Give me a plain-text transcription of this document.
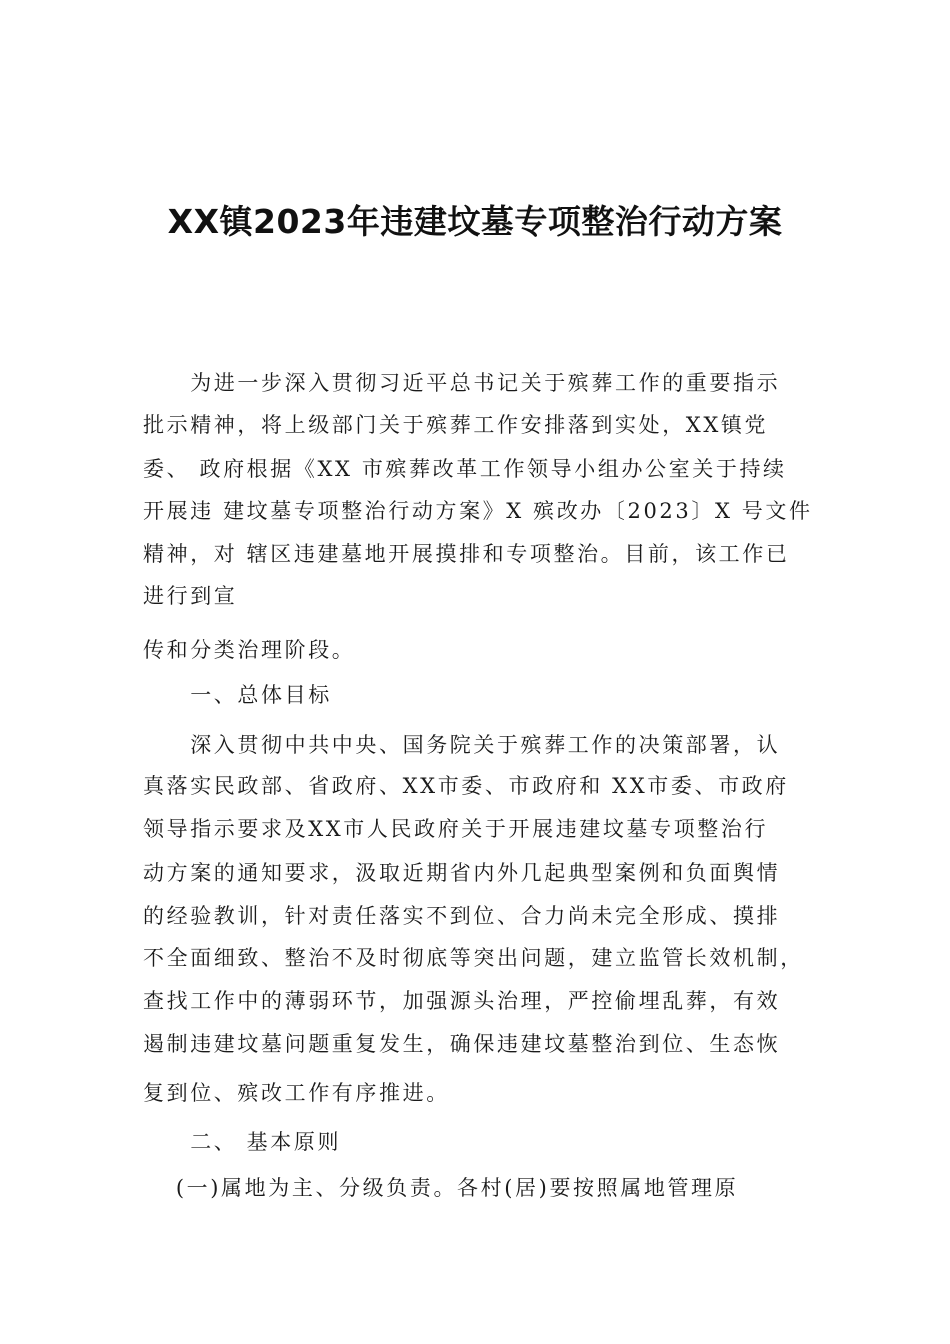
XX镇2023年违建坟墓专项整治行动方案
　　为进一步深入贯彻习近平总书记关于殡葬工作的重要指示
批示精神，将上级部门关于殡葬工作安排落到实处，XX镇党
委、 政府根据《XX 市殡葬改革工作领导小组办公室关于持续
开展违 建坟墓专项整治行动方案》X 殡改办〔2023〕X 号文件
精神，对 辖区违建墓地开展摸排和专项整治。目前，该工作已
进行到宣
传和分类治理阶段。
　　一、总体目标
　　深入贯彻中共中央、国务院关于殡葬工作的决策部署，认
真落实民政部、省政府、XX市委、市政府和 XX市委、市政府
领导指示要求及XX市人民政府关于开展违建坟墓专项整治行
动方案的通知要求，汲取近期省内外几起典型案例和负面舆情
的经验教训，针对责任落实不到位、合力尚未完全形成、摸排
不全面细致、整治不及时彻底等突出问题，建立监管长效机制，
查找工作中的薄弱环节，加强源头治理，严控偷埋乱葬，有效
遏制违建坟墓问题重复发生，确保违建坟墓整治到位、生态恢
复到位、殡改工作有序推进。
　　二、 基本原则
　 (一)属地为主、分级负责。各村(居)要按照属地管理原
